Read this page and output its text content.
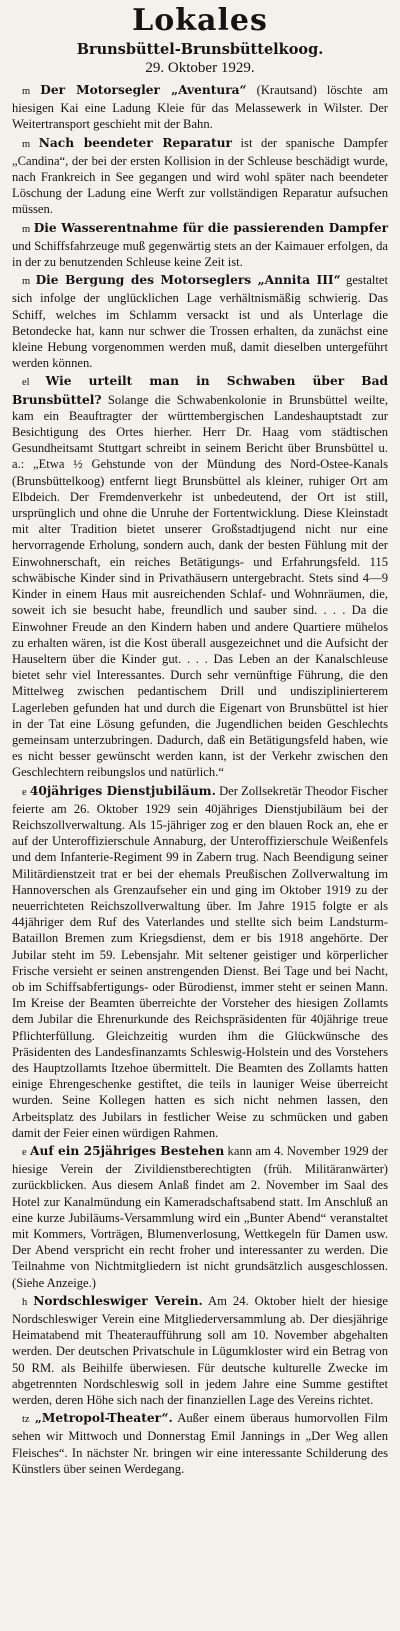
Lokales
Brunsbüttel-Brunsbüttelkoog.
29. Oktober 1929.

m Der Motorsegler „Aventura“ (Krautsand) löschte am hiesigen Kai eine Ladung Kleie für das Melassewerk in Wilster. Der Weitertransport geschieht mit der Bahn.

m Nach beendeter Reparatur ist der spanische Dampfer „Candina“, der bei der ersten Kollision in der Schleuse beschädigt wurde, nach Frankreich in See gegangen und wird wohl später nach beendeter Löschung der Ladung eine Werft zur vollständigen Reparatur aufsuchen müssen.

m Die Wasserentnahme für die passierenden Dampfer und Schiffsfahrzeuge muß gegenwärtig stets an der Kaimauer erfolgen, da in der zu benutzenden Schleuse keine Zeit ist.

m Die Bergung des Motorseglers „Annita III“ gestaltet sich infolge der unglücklichen Lage verhältnismäßig schwierig. Das Schiff, welches im Schlamm versackt ist und als Unterlage die Betondecke hat, kann nur schwer die Trossen erhalten, da zunächst eine kleine Hebung vorgenommen werden muß, damit dieselben untergeführt werden können.

el Wie urteilt man in Schwaben über Bad Brunsbüttel? Solange die Schwabenkolonie in Brunsbüttel weilte, kam ein Beauftragter der württembergischen Landeshauptstadt zur Besichtigung des Ortes hierher. Herr Dr. Haag vom städtischen Gesundheitsamt Stuttgart schreibt in seinem Bericht über Brunsbüttel u. a.: „Etwa ½ Gehstunde von der Mündung des Nord-Ostee-Kanals (Brunsbüttelkoog) entfernt liegt Brunsbüttel als kleiner, ruhiger Ort am Elbdeich. Der Fremdenverkehr ist unbedeutend, der Ort ist still, ursprünglich und ohne die Unruhe der Fortentwicklung. Diese Kleinstadt mit alter Tradition bietet unserer Großstadtjugend nicht nur eine hervorragende Erholung, sondern auch, dank der besten Fühlung mit der Einwohnerschaft, ein reiches Betätigungs- und Erfahrungsfeld. 115 schwäbische Kinder sind in Privathäusern untergebracht. Stets sind 4—9 Kinder in einem Haus mit ausreichenden Schlaf- und Wohnräumen, die, soweit ich sie besucht habe, freundlich und sauber sind. . . . Da die Einwohner Freude an den Kindern haben und andere Quartiere mühelos zu erhalten wären, ist die Kost überall ausgezeichnet und die Aufsicht der Hauseltern über die Kinder gut. . . . Das Leben an der Kanalschleuse bietet sehr viel Interessantes. Durch sehr vernünftige Führung, die den Mittelweg zwischen pedantischem Drill und undisziplinierterem Lagerleben gefunden hat und durch die Eigenart von Brunsbüttel ist hier in der Tat eine Lösung gefunden, die Jugendlichen beiden Geschlechts gemeinsam unterzubringen. Dadurch, daß ein Betätigungsfeld haben, wie es nicht besser gewünscht werden kann, ist der Verkehr zwischen den Geschlechtern reibungslos und natürlich.“

e 40jähriges Dienstjubiläum. Der Zollsekretär Theodor Fischer feierte am 26. Oktober 1929 sein 40jähriges Dienstjubiläum bei der Reichszollverwaltung. Als 15-jähriger zog er den blauen Rock an, ehe er auf der Unteroffizierschule Annaburg, der Unteroffizierschule Weißenfels und dem Infanterie-Regiment 99 in Zabern trug. Nach Beendigung seiner Militärdienstzeit trat er bei der ehemals Preußischen Zollverwaltung im Hannoverschen als Grenzaufseher ein und ging im Oktober 1919 zu der neuerrichteten Reichszollverwaltung über. Im Jahre 1915 folgte er als 44jähriger dem Ruf des Vaterlandes und stellte sich beim Landsturm-Bataillon Bremen zum Kriegsdienst, dem er bis 1918 angehörte. Der Jubilar steht im 59. Lebensjahr. Mit seltener geistiger und körperlicher Frische versieht er seinen anstrengenden Dienst. Bei Tage und bei Nacht, ob im Schiffsabfertigungs- oder Bürodienst, immer steht er seinen Mann. Im Kreise der Beamten überreichte der Vorsteher des hiesigen Zollamts dem Jubilar die Ehrenurkunde des Reichspräsidenten für 40jährige treue Pflichterfüllung. Gleichzeitig wurden ihm die Glückwünsche des Präsidenten des Landesfinanzamts Schleswig-Holstein und des Vorstehers des Hauptzollamts Itzehoe übermittelt. Die Beamten des Zollamts hatten einige Ehrengeschenke gestiftet, die teils in launiger Weise überreicht wurden. Seine Kollegen hatten es sich nicht nehmen lassen, den Arbeitsplatz des Jubilars in festlicher Weise zu schmücken und gaben damit der Feier einen würdigen Rahmen.

e Auf ein 25jähriges Bestehen kann am 4. November 1929 der hiesige Verein der Zivildienstberechtigten (früh. Militäranwärter) zurückblicken. Aus diesem Anlaß findet am 2. November im Saal des Hotel zur Kanalmündung ein Kameradschaftsabend statt. Im Anschluß an eine kurze Jubiläums-Versammlung wird ein „Bunter Abend“ veranstaltet mit Kommers, Vorträgen, Blumenverlosung, Wettkegeln für Damen usw. Der Abend verspricht ein recht froher und interessanter zu werden. Die Teilnahme von Nichtmitgliedern ist nicht grundsätzlich ausgeschlossen. (Siehe Anzeige.)

h Nordschleswiger Verein. Am 24. Oktober hielt der hiesige Nordschleswiger Verein eine Mitgliederversammlung ab. Der diesjährige Heimatabend mit Theateraufführung soll am 10. November abgehalten werden. Der deutschen Privatschule in Lügumkloster wird ein Betrag von 50 RM. als Beihilfe überwiesen. Für deutsche kulturelle Zwecke im abgetrennten Nordschleswig soll in jedem Jahre eine Summe gestiftet werden, deren Höhe sich nach der finanziellen Lage des Vereins richtet.

tz „Metropol-Theater“. Außer einem überaus humorvollen Film sehen wir Mittwoch und Donnerstag Emil Jannings in „Der Weg allen Fleisches“. In nächster Nr. bringen wir eine interessante Schilderung des Künstlers über seinen Werdegang.
